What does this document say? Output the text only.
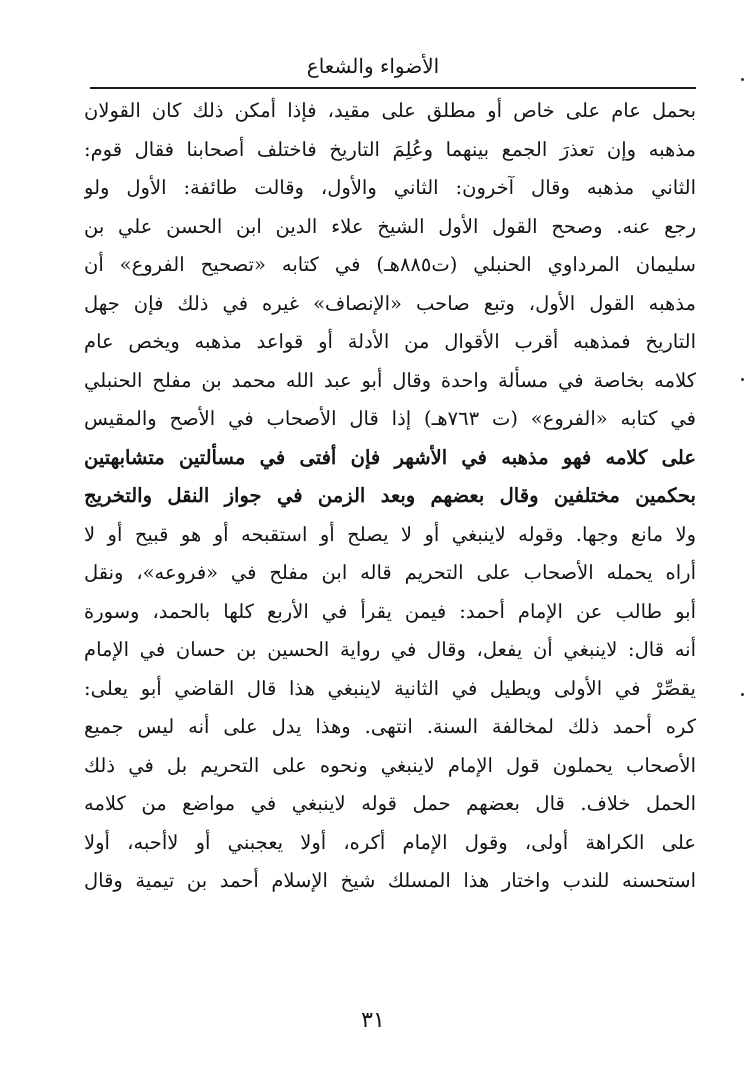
الأضواء والشعاع
بحمل عام على خاص أو مطلق على مقيد، فإذا أمكن ذلك كان القولان
مذهبه وإن تعذرَ الجمع بينهما وعُلِمَ التاريخ فاختلف أصحابنا فقال قوم:
الثاني مذهبه وقال آخرون: الثاني والأول، وقالت طائفة: الأول ولو
رجع عنه. وصحح القول الأول الشيخ علاء الدين ابن الحسن علي بن
سليمان المرداوي الحنبلي (ت٨٨٥هـ) في كتابه «تصحيح الفروع» أن
مذهبه القول الأول، وتبع صاحب «الإنصاف» غيره في ذلك فإن جهل
التاريخ فمذهبه أقرب الأقوال من الأدلة أو قواعد مذهبه ويخص عام
كلامه بخاصة في مسألة واحدة وقال أبو عبد الله محمد بن مفلح الحنبلي
في كتابه «الفروع» (ت ٧٦٣هـ) إذا قال الأصحاب في الأصح والمقيس
على كلامه فهو مذهبه في الأشهر فإن أفتى في مسألتين متشابهتين
بحكمين مختلفين وقال بعضهم وبعد الزمن في جواز النقل والتخريج
ولا مانع وجها. وقوله لاينبغي أو لا يصلح أو استقبحه أو هو قبيح أو لا
أراه يحمله الأصحاب على التحريم قاله ابن مفلح في «فروعه»، ونقل
أبو طالب عن الإمام أحمد: فيمن يقرأ في الأربع كلها بالحمد، وسورة
أنه قال: لاينبغي أن يفعل، وقال في رواية الحسين بن حسان في الإمام
يقصِّرْ في الأولى ويطيل في الثانية لاينبغي هذا قال القاضي أبو يعلى:
كره أحمد ذلك لمخالفة السنة. انتهى. وهذا يدل على أنه ليس جميع
الأصحاب يحملون قول الإمام لاينبغي ونحوه على التحريم بل في ذلك
الحمل خلاف. قال بعضهم حمل قوله لاينبغي في مواضع من كلامه
على الكراهة أولى، وقول الإمام أكره، أولا يعجبني أو لاأحبه، أولا
استحسنه للندب واختار هذا المسلك شيخ الإسلام أحمد بن تيمية وقال
٣١
